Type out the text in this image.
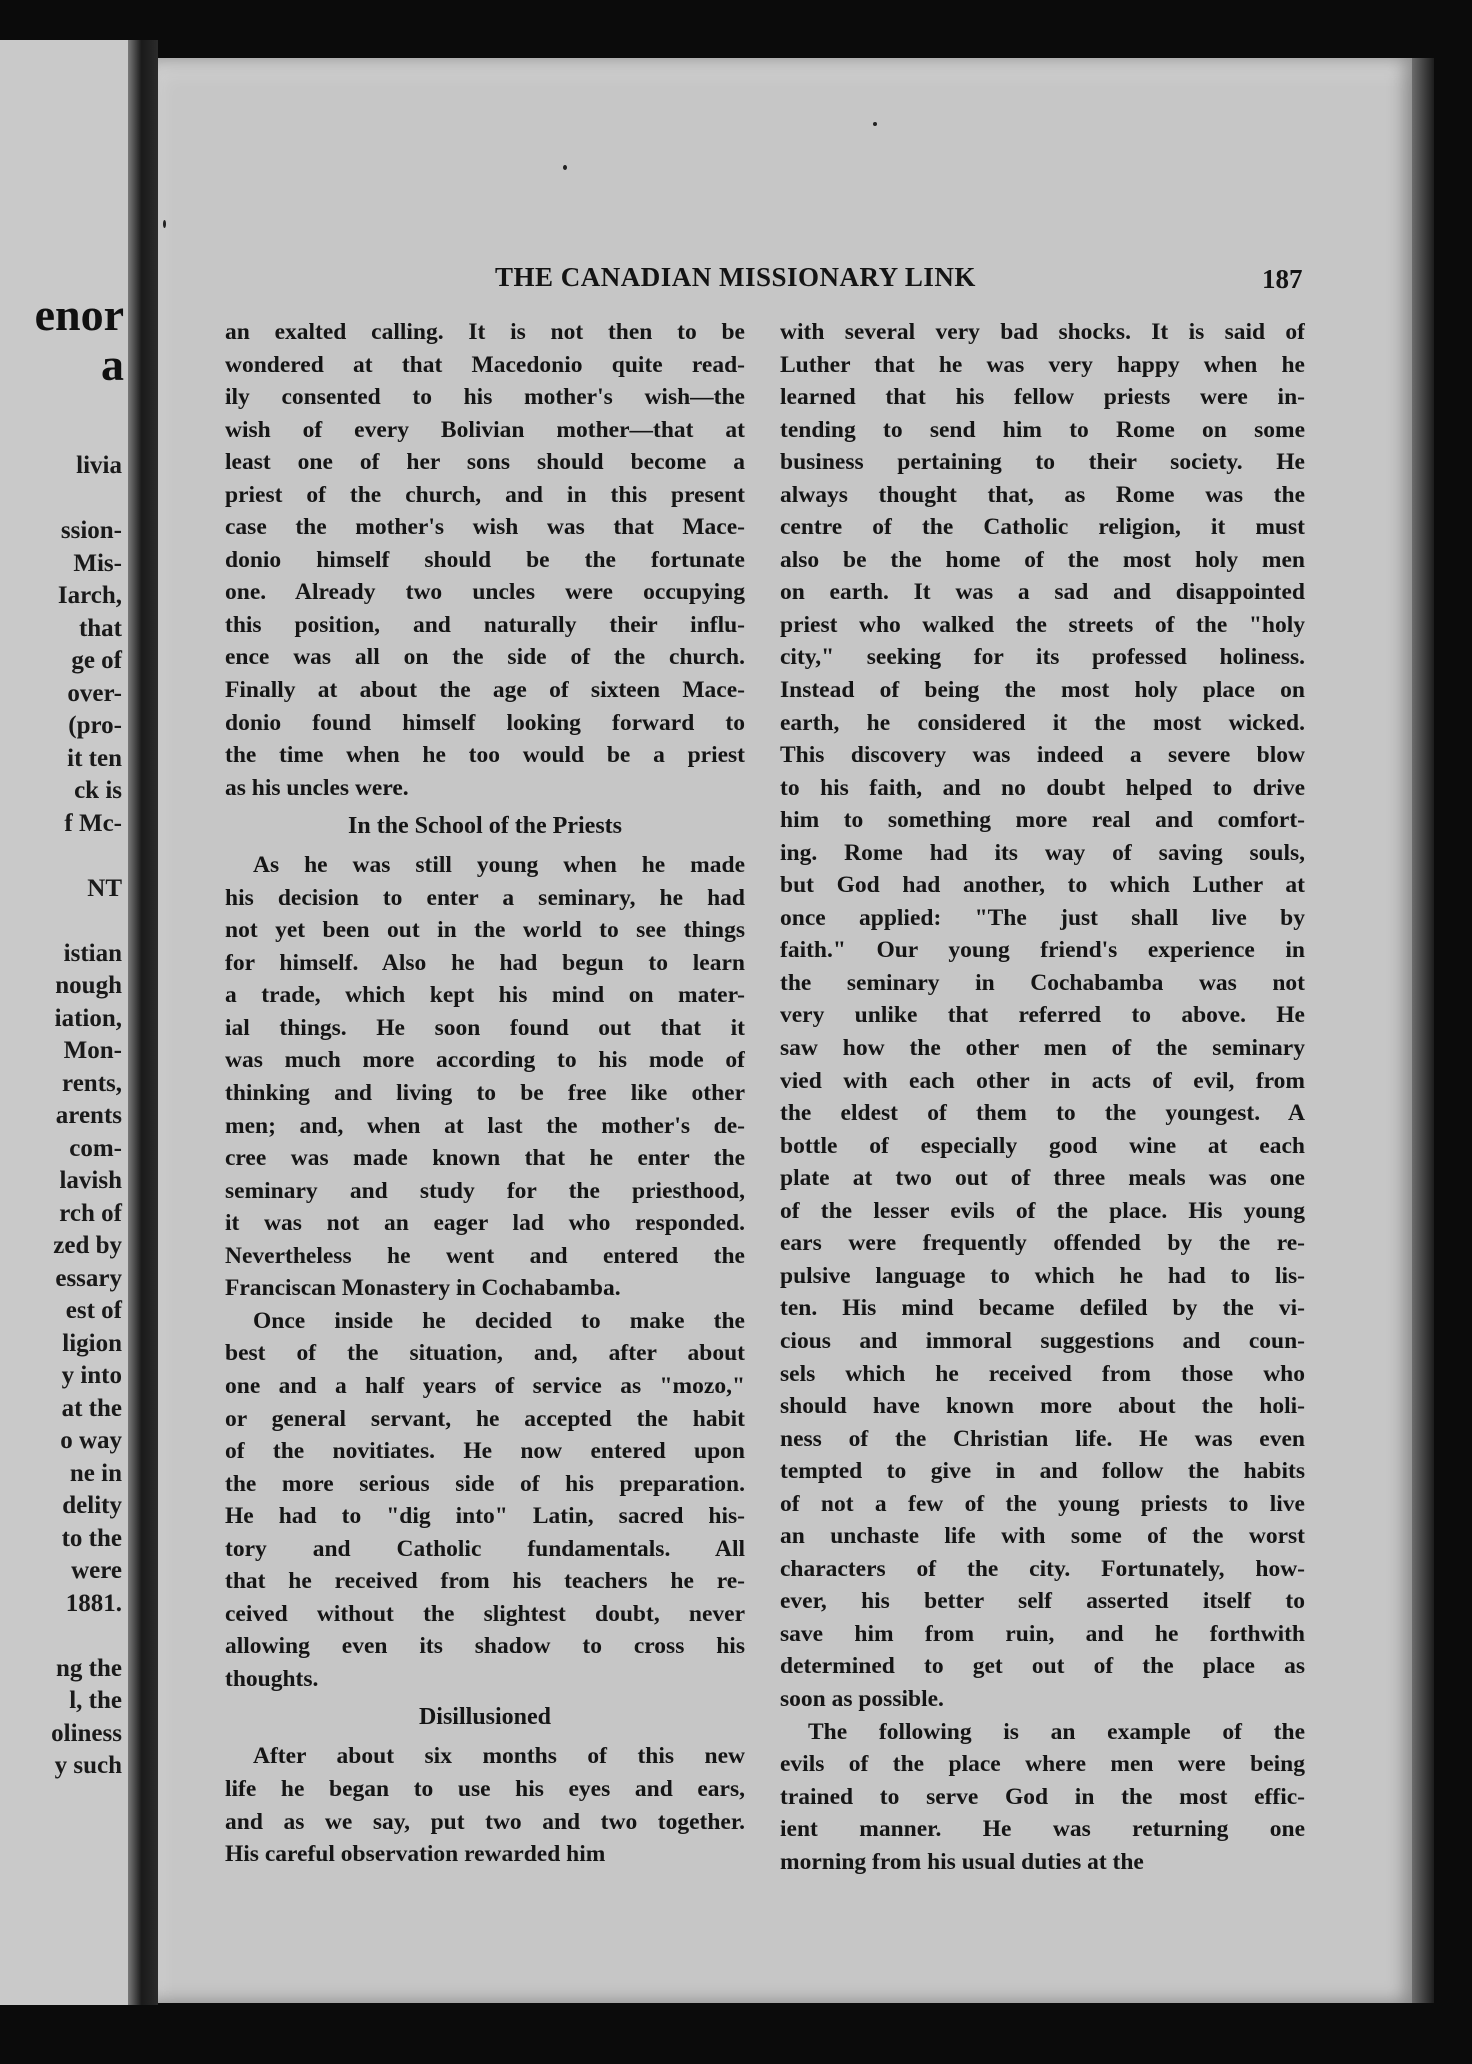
enor
a
livia
ssion-
Mis-
Iarch,
that
ge of
over-
(pro-
it ten
ck is
f Mc-
NT
istian
nough
iation,
Mon-
rents,
arents
com-
lavish
rch of
zed by
essary
est of
ligion
y into
at the
o way
ne in
delity
to the
were
1881.
ng the
l, the
oliness
y such
THE CANADIAN MISSIONARY LINK	187
an exalted calling. It is not then to be
wondered at that Macedonio quite read-
ily consented to his mother's wish—the
wish of every Bolivian mother—that at
least one of her sons should become a
priest of the church, and in this present
case the mother's wish was that Mace-
donio himself should be the fortunate
one. Already two uncles were occupying
this position, and naturally their influ-
ence was all on the side of the church.
Finally at about the age of sixteen Mace-
donio found himself looking forward to
the time when he too would be a priest
as his uncles were.
In the School of the Priests
As he was still young when he made
his decision to enter a seminary, he had
not yet been out in the world to see things
for himself. Also he had begun to learn
a trade, which kept his mind on mater-
ial things. He soon found out that it
was much more according to his mode of
thinking and living to be free like other
men; and, when at last the mother's de-
cree was made known that he enter the
seminary and study for the priesthood,
it was not an eager lad who responded.
Nevertheless he went and entered the
Franciscan Monastery in Cochabamba.
Once inside he decided to make the
best of the situation, and, after about
one and a half years of service as "mozo,"
or general servant, he accepted the habit
of the novitiates. He now entered upon
the more serious side of his preparation.
He had to "dig into" Latin, sacred his-
tory and Catholic fundamentals. All
that he received from his teachers he re-
ceived without the slightest doubt, never
allowing even its shadow to cross his
thoughts.
Disillusioned
After about six months of this new
life he began to use his eyes and ears,
and as we say, put two and two together.
His careful observation rewarded him
with several very bad shocks. It is said of
Luther that he was very happy when he
learned that his fellow priests were in-
tending to send him to Rome on some
business pertaining to their society. He
always thought that, as Rome was the
centre of the Catholic religion, it must
also be the home of the most holy men
on earth. It was a sad and disappointed
priest who walked the streets of the "holy
city," seeking for its professed holiness.
Instead of being the most holy place on
earth, he considered it the most wicked.
This discovery was indeed a severe blow
to his faith, and no doubt helped to drive
him to something more real and comfort-
ing. Rome had its way of saving souls,
but God had another, to which Luther at
once applied: "The just shall live by
faith." Our young friend's experience in
the seminary in Cochabamba was not
very unlike that referred to above. He
saw how the other men of the seminary
vied with each other in acts of evil, from
the eldest of them to the youngest. A
bottle of especially good wine at each
plate at two out of three meals was one
of the lesser evils of the place. His young
ears were frequently offended by the re-
pulsive language to which he had to lis-
ten. His mind became defiled by the vi-
cious and immoral suggestions and coun-
sels which he received from those who
should have known more about the holi-
ness of the Christian life. He was even
tempted to give in and follow the habits
of not a few of the young priests to live
an unchaste life with some of the worst
characters of the city. Fortunately, how-
ever, his better self asserted itself to
save him from ruin, and he forthwith
determined to get out of the place as
soon as possible.
The following is an example of the
evils of the place where men were being
trained to serve God in the most effic-
ient manner. He was returning one
morning from his usual duties at the
